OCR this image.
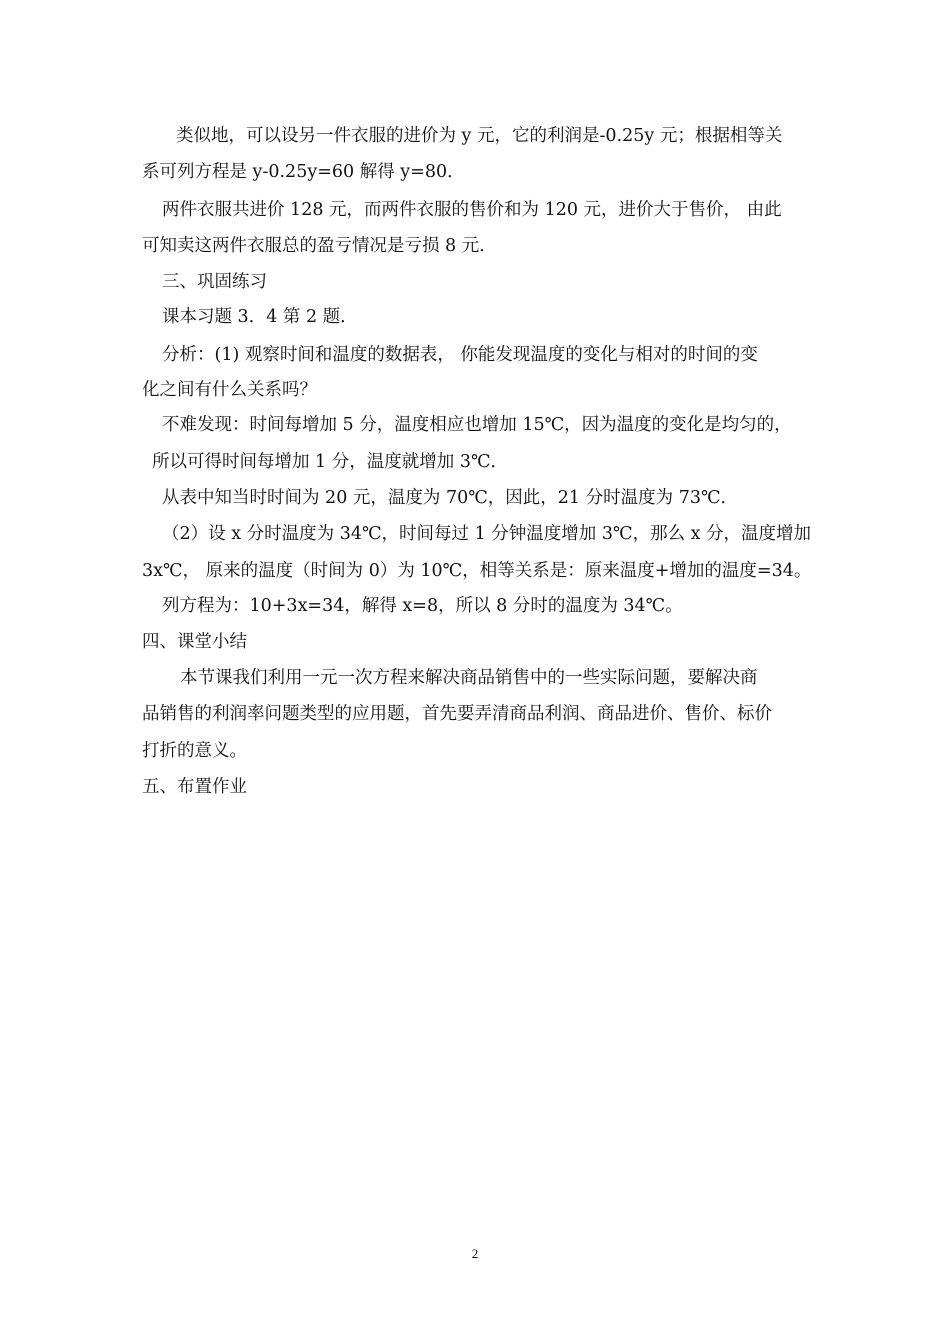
类似地，可以设另一件衣服的进价为 y 元，它的利润是-0.25y 元；根据相等关
系可列方程是 y-0.25y=60 解得 y=80．
两件衣服共进价 128 元，而两件衣服的售价和为 120 元，进价大于售价， 由此
可知卖这两件衣服总的盈亏情况是亏损 8 元．
三、巩固练习
课本习题 3．4 第 2 题．
分析：(1) 观察时间和温度的数据表， 你能发现温度的变化与相对的时间的变
化之间有什么关系吗？
不难发现：时间每增加 5 分，温度相应也增加 15℃，因为温度的变化是均匀的，
所以可得时间每增加 1 分，温度就增加 3℃．
从表中知当时时间为 20 元，温度为 70℃，因此，21 分时温度为 73℃．
（2）设 x 分时温度为 34℃，时间每过 1 分钟温度增加 3℃，那么 x 分，温度增加
3x℃， 原来的温度（时间为 0）为 10℃，相等关系是：原来温度+增加的温度=34。
列方程为：10+3x=34，解得 x=8，所以 8 分时的温度为 34℃。
四、课堂小结
本节课我们利用一元一次方程来解决商品销售中的一些实际问题，要解决商
品销售的利润率问题类型的应用题，首先要弄清商品利润、商品进价、售价、标价
打折的意义。
五、布置作业
2
